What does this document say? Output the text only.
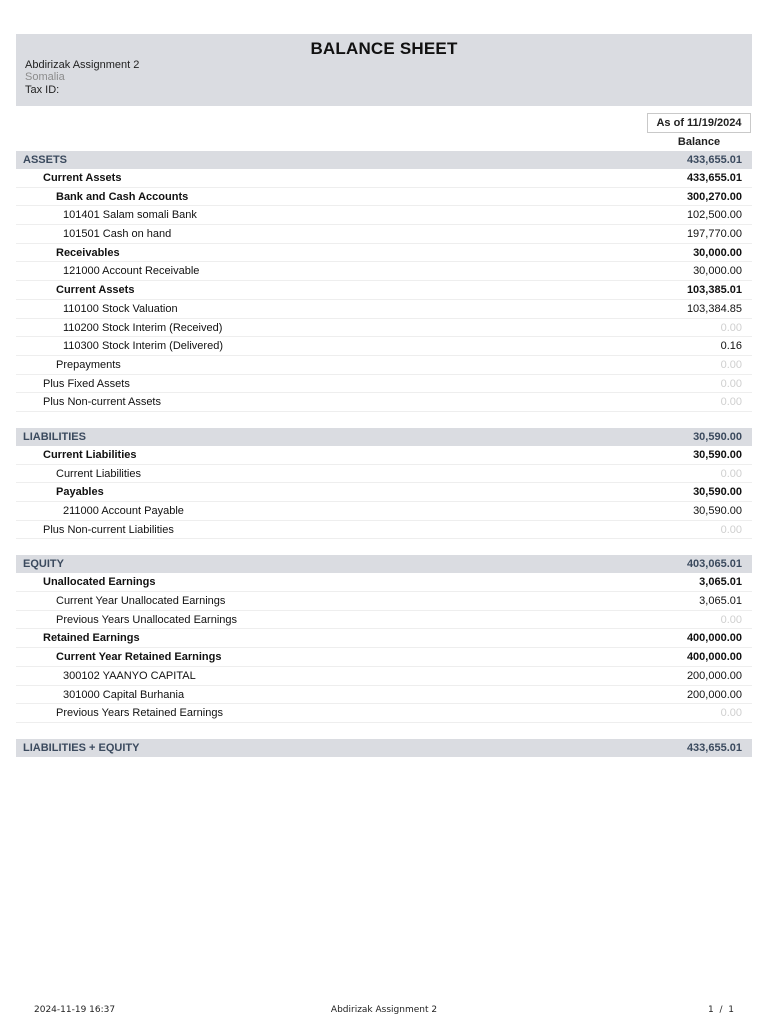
BALANCE SHEET
Abdirizak Assignment 2
Somalia
Tax ID:
As of 11/19/2024
Balance
ASSETS	433,655.01
Current Assets	433,655.01
Bank and Cash Accounts	300,270.00
101401 Salam somali Bank	102,500.00
101501 Cash on hand	197,770.00
Receivables	30,000.00
121000 Account Receivable	30,000.00
Current Assets	103,385.01
110100 Stock Valuation	103,384.85
110200 Stock Interim (Received)	0.00
110300 Stock Interim (Delivered)	0.16
Prepayments	0.00
Plus Fixed Assets	0.00
Plus Non-current Assets	0.00
LIABILITIES	30,590.00
Current Liabilities	30,590.00
Current Liabilities	0.00
Payables	30,590.00
211000 Account Payable	30,590.00
Plus Non-current Liabilities	0.00
EQUITY	403,065.01
Unallocated Earnings	3,065.01
Current Year Unallocated Earnings	3,065.01
Previous Years Unallocated Earnings	0.00
Retained Earnings	400,000.00
Current Year Retained Earnings	400,000.00
300102 YAANYO CAPITAL	200,000.00
301000 Capital Burhania	200,000.00
Previous Years Retained Earnings	0.00
LIABILITIES + EQUITY	433,655.01
2024-11-19 16:37	Abdirizak Assignment 2	1 / 1
